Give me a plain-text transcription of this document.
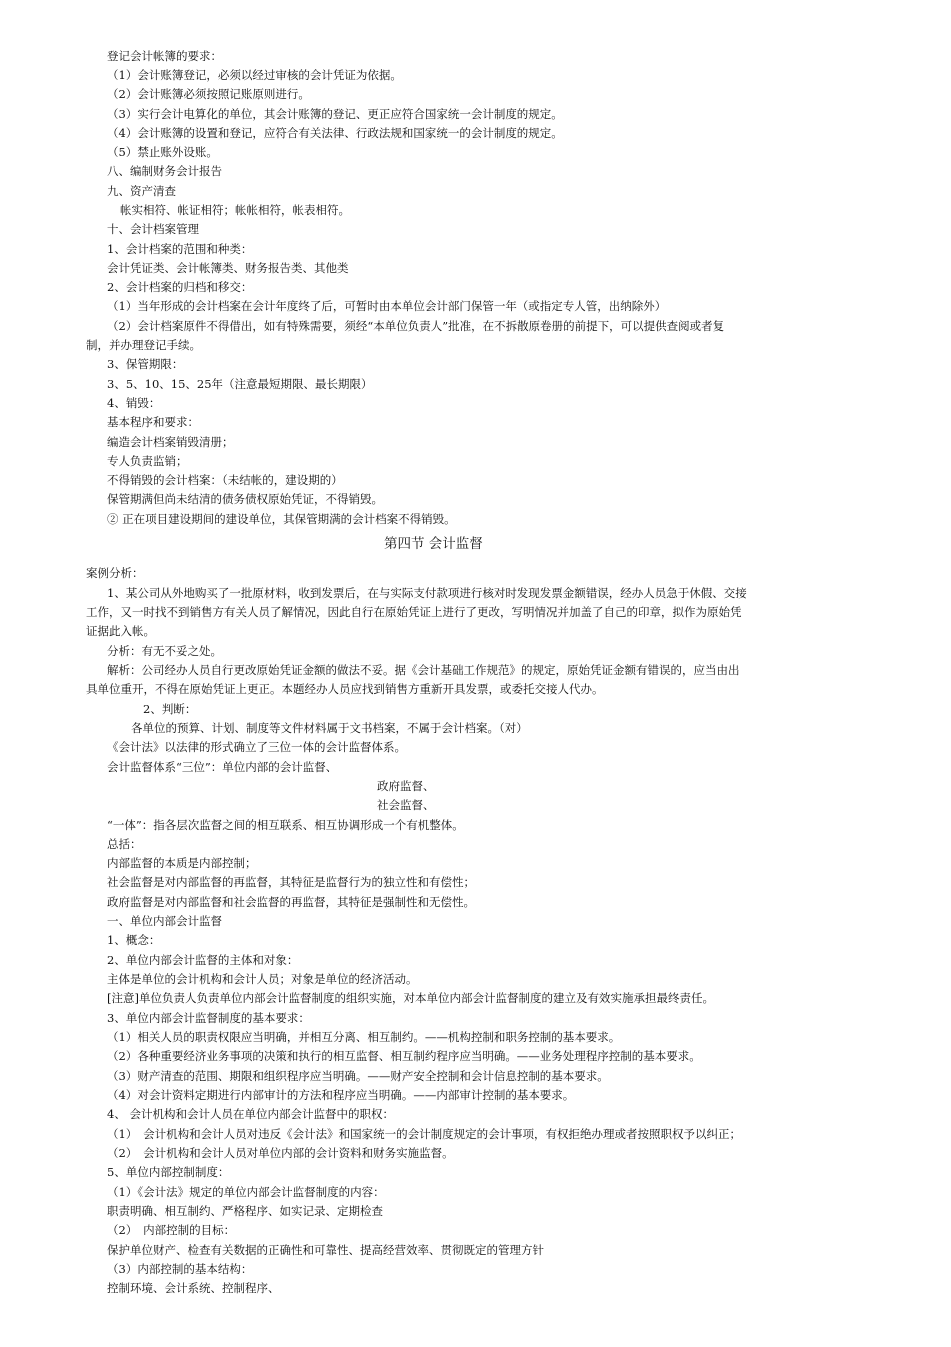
登记会计帐簿的要求：
（1）会计账簿登记，必须以经过审核的会计凭证为依据。
（2）会计账簿必须按照记账原则进行。
（3）实行会计电算化的单位，其会计账簿的登记、更正应符合国家统一会计制度的规定。
（4）会计账簿的设置和登记，应符合有关法律、行政法规和国家统一的会计制度的规定。
（5）禁止账外设账。
八、编制财务会计报告
九、资产清查
帐实相符、帐证相符；帐帐相符，帐表相符。
十、会计档案管理
1、会计档案的范围和种类：
会计凭证类、会计帐簿类、财务报告类、其他类
2、会计档案的归档和移交：
（1）当年形成的会计档案在会计年度终了后，可暂时由本单位会计部门保管一年（或指定专人管，出纳除外）
（2）会计档案原件不得借出，如有特殊需要，须经“本单位负责人”批准，在不拆散原卷册的前提下，可以提供查阅或者复
制，并办理登记手续。
3、保管期限：
3、5、10、15、25年（注意最短期限、最长期限）
4、销毁：
基本程序和要求：
编造会计档案销毁清册；
专人负责监销；
不得销毁的会计档案：（未结帐的，建设期的）
保管期满但尚未结清的债务债权原始凭证，不得销毁。
② 正在项目建设期间的建设单位，其保管期满的会计档案不得销毁。
第四节 会计监督
案例分析：
1、某公司从外地购买了一批原材料，收到发票后，在与实际支付款项进行核对时发现发票金额错误，经办人员急于休假、交接
工作，又一时找不到销售方有关人员了解情况，因此自行在原始凭证上进行了更改，写明情况并加盖了自己的印章，拟作为原始凭
证据此入帐。
分析：有无不妥之处。
解析：公司经办人员自行更改原始凭证金额的做法不妥。据《会计基础工作规范》的规定，原始凭证金额有错误的，应当由出
具单位重开，不得在原始凭证上更正。本题经办人员应找到销售方重新开具发票，或委托交接人代办。
2、判断：
各单位的预算、计划、制度等文件材料属于文书档案，不属于会计档案。（对）
《会计法》以法律的形式确立了三位一体的会计监督体系。
会计监督体系“三位”：单位内部的会计监督、
政府监督、
社会监督、
“一体”：指各层次监督之间的相互联系、相互协调形成一个有机整体。
总括：
内部监督的本质是内部控制；
社会监督是对内部监督的再监督，其特征是监督行为的独立性和有偿性；
政府监督是对内部监督和社会监督的再监督，其特征是强制性和无偿性。
一、单位内部会计监督
1、概念：
2、单位内部会计监督的主体和对象：
主体是单位的会计机构和会计人员；对象是单位的经济活动。
[注意]单位负责人负责单位内部会计监督制度的组织实施，对本单位内部会计监督制度的建立及有效实施承担最终责任。
3、单位内部会计监督制度的基本要求：
（1）相关人员的职责权限应当明确，并相互分离、相互制约。——机构控制和职务控制的基本要求。
（2）各种重要经济业务事项的决策和执行的相互监督、相互制约程序应当明确。——业务处理程序控制的基本要求。
（3）财产清查的范围、期限和组织程序应当明确。——财产安全控制和会计信息控制的基本要求。
（4）对会计资料定期进行内部审计的方法和程序应当明确。——内部审计控制的基本要求。
4、 会计机构和会计人员在单位内部会计监督中的职权：
（1）　会计机构和会计人员对违反《会计法》和国家统一的会计制度规定的会计事项，有权拒绝办理或者按照职权予以纠正；
（2）　会计机构和会计人员对单位内部的会计资料和财务实施监督。
5、单位内部控制制度：
（1）《会计法》规定的单位内部会计监督制度的内容：
职责明确、相互制约、严格程序、如实记录、定期检查
（2）　内部控制的目标：
保护单位财产、检查有关数据的正确性和可靠性、提高经营效率、贯彻既定的管理方针
（3）内部控制的基本结构：
控制环境、会计系统、控制程序、
